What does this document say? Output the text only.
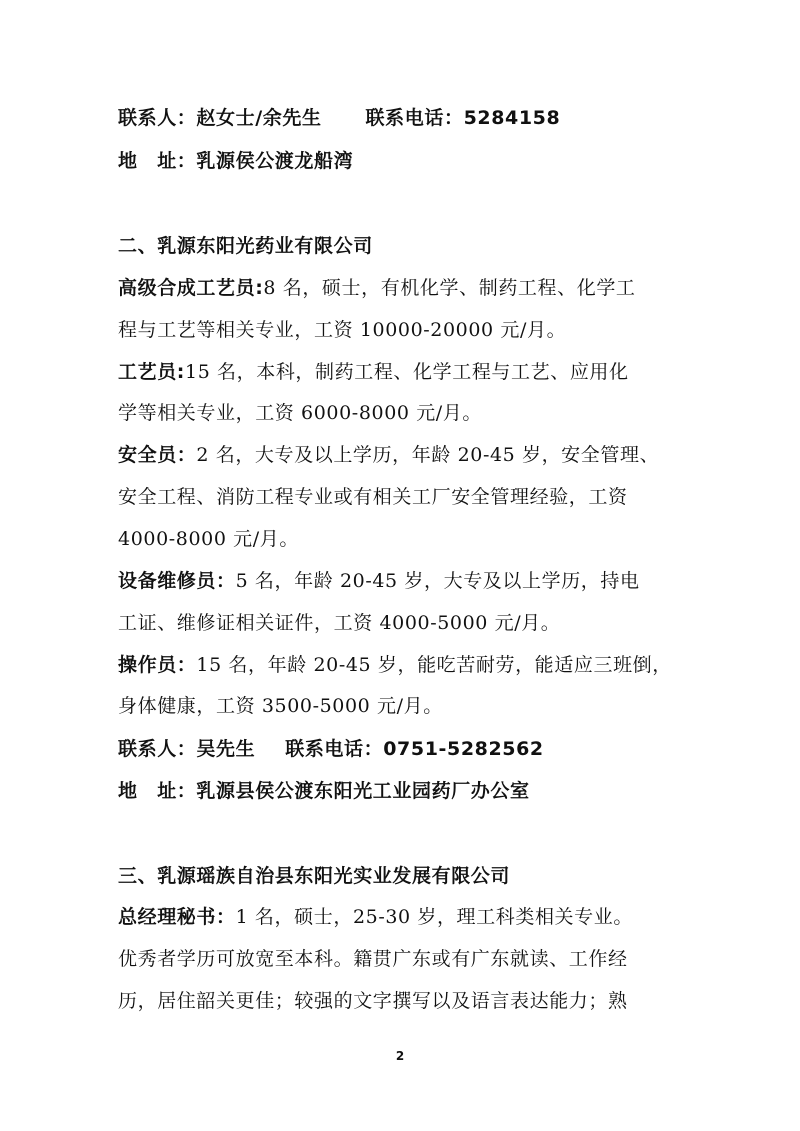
联系人：赵女士/余先生 联系电话：5284158
地　址：乳源侯公渡龙船湾
二、乳源东阳光药业有限公司
高级合成工艺员:8 名，硕士，有机化学、制药工程、化学工
程与工艺等相关专业，工资 10000-20000 元/月。
工艺员:15 名，本科，制药工程、化学工程与工艺、应用化
学等相关专业，工资 6000-8000 元/月。
安全员：2 名，大专及以上学历，年龄 20-45 岁，安全管理、
安全工程、消防工程专业或有相关工厂安全管理经验，工资
4000-8000 元/月。
设备维修员：5 名，年龄 20-45 岁，大专及以上学历，持电
工证、维修证相关证件，工资 4000-5000 元/月。
操作员：15 名，年龄 20-45 岁，能吃苦耐劳，能适应三班倒，
身体健康，工资 3500-5000 元/月。
联系人：吴先生 联系电话：0751-5282562
地　址：乳源县侯公渡东阳光工业园药厂办公室
三、乳源瑶族自治县东阳光实业发展有限公司
总经理秘书：1 名，硕士，25-30 岁，理工科类相关专业。
优秀者学历可放宽至本科。籍贯广东或有广东就读、工作经
历，居住韶关更佳；较强的文字撰写以及语言表达能力；熟
2
